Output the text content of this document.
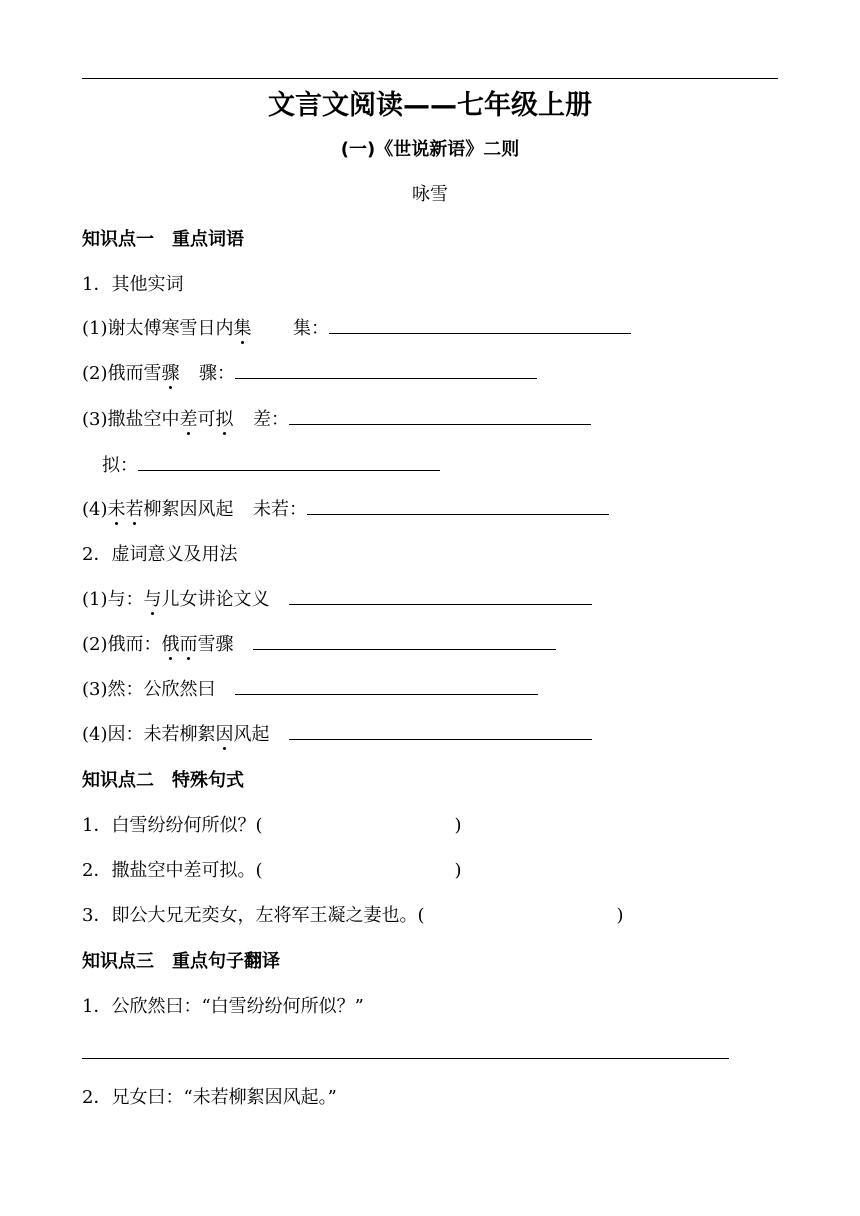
文言文阅读——七年级上册
(一)《世说新语》二则
咏雪
知识点一　重点词语
1．其他实词
(1)谢太傅寒雪日内集 集：
(2)俄而雪骤 骤：
(3)撒盐空中差可拟 差：
拟：
(4)未若柳絮因风起 未若：
2．虚词意义及用法
(1)与：与儿女讲论文义
(2)俄而：俄而雪骤
(3)然：公欣然曰
(4)因：未若柳絮因风起
知识点二　特殊句式
1．白雪纷纷何所似？(	)
2．撒盐空中差可拟。(	)
3．即公大兄无奕女，左将军王凝之妻也。(	)
知识点三　重点句子翻译
1．公欣然曰：“白雪纷纷何所似？”
2．兄女曰：“未若柳絮因风起。”
